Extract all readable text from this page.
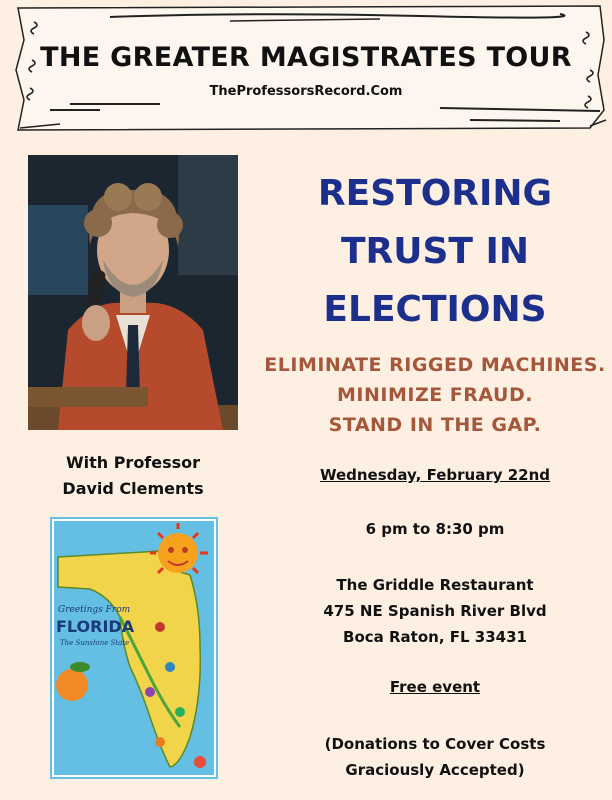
THE GREATER MAGISTRATES TOUR
TheProfessorsRecord.Com
With Professor
David Clements
Greetings From
FLORIDA
The Sunshine State
RESTORING
TRUST IN
ELECTIONS
ELIMINATE RIGGED MACHINES.
MINIMIZE FRAUD.
STAND IN THE GAP.
Wednesday, February 22nd
6 pm to 8:30 pm
The Griddle Restaurant
475 NE Spanish River Blvd
Boca Raton, FL 33431
Free event
(Donations to Cover Costs
Graciously Accepted)
